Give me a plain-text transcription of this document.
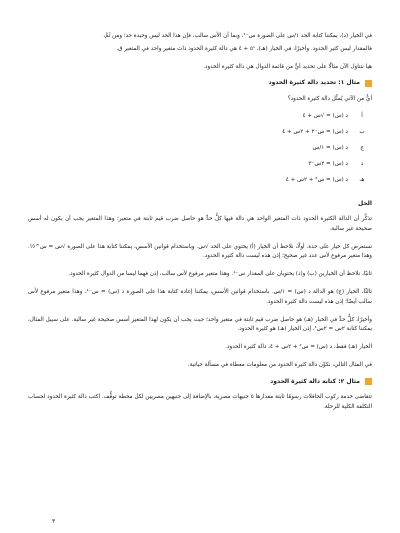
في الخيار (د)، يمكننا كتابة الحد ١/س على الصورة س⁻¹، وبما أن الأس سالب، فإن هذا الحد ليس وحيدة حد؛ ومن ثَمَّ،

فالمقدار ليس كثير الحدود. وأخيرًا، في الخيار (هـ)، ٥ˢ + ٤ هي دالة كثيرة الحدود ذات متغير واحد في المتغير ق.

هيا نتناول الآن مثالًا على تحديد أيٍّ من قائمة الدوال هي دالة كثيرة الحدود.

مثال ١: تحديد دالة كثيرة الحدود

أيٌّ من الآتي يُمثِّل دالة كثيرة الحدود؟

أ
د (س) = √س + ٤
ب
د (س) = س⁻٢ + ٢س + ٤
ج
د (س) = ١/س
د
د (س) = ٢س⁻٣
هـ
د (س) = س² + ٢س + ٤
الحل

تذكَّر أن الدالة الكثيرة الحدود ذات المتغير الواحد هي دالة فيها كلُّ حدٍّ هو حاصل ضرب قيم ثابتة في متغير؛ وهذا المتغير يجب أن يكون له أسس صحيحة غير سالبة.

نستعرض كل خيار على حدة. أولًا، نلاحظ أن الخيار (أ) يحتوي على الحد √س. وباستخدام قوانين الأسس، يمكننا كتابة هذا على الصورة √س = س^½. وهذا متغير مرفوع لأس عدد غير صحيح؛ إذن هذه ليست دالة كثيرة الحدود.

ثانيًا، نلاحظ أن الخيارين (ب) و(د) يحتويان على المقدار س⁻¹. وهذا متغير مرفوع لأس سالب، إذن فهما ليسا من الدوال كثيرة الحدود.

ثالثًا، الخيار (ج) هو الدالة د (س) = ١/س. باستخدام قوانين الأسس، يمكننا إعادة كتابة هذا على الصورة د (س) = س⁻¹، وهذا متغير مرفوع لأس سالب أيضًا؛ إذن هذه ليست دالة كثيرة الحدود.

وأخيرًا، كلُّ حدٍّ في الخيار (هـ) هو حاصل ضرب قيم ثابتة في متغير واحد؛ حيث يجب أن يكون لهذا المتغير أسس صحيحة غير سالبة. على سبيل المثال، يمكننا كتابة ٢س = ٢س¹، إذن الخيار (هـ) هو كثيرة الحدود.

الخيار (هـ) فقط، د (س) = س² + ٢س + ٤، دالة كثيرة الحدود.

في المثال التالي، نكوِّن دالة كثيرة الحدود من معلومات معطاة في مسألة حياتية.

مثال ٢: كتابة دالة كثيرة الحدود

تتقاضى خدمة ركوب الحافلات رسومًا ثابتة مقدارها ٥ جنيهات مصرية، بالإضافة إلى جنيهين مصريين لكل محطة توقُّف. اكتب دالة كثيرة الحدود لحساب التكلفة الكلية للرحلة.

٣
